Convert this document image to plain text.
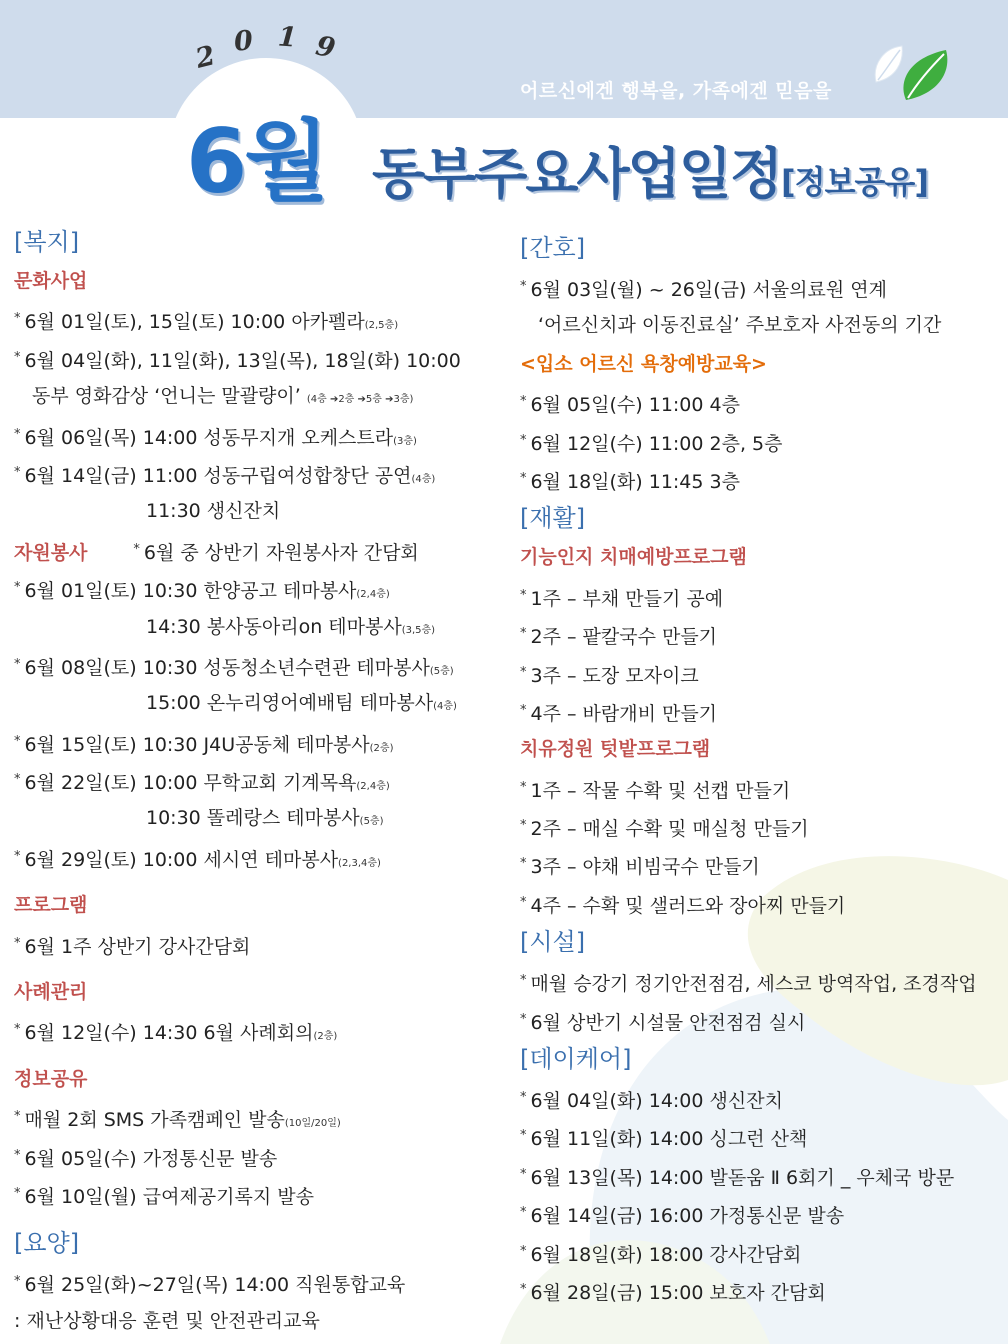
2 0 1 9
어르신에겐 행복을, 가족에겐 믿음을
6월 동부주요사업일정[정보공유]
[복지]
문화사업
* 6월 01일(토), 15일(토) 10:00 아카펠라(2,5층)
* 6월 04일(화), 11일(화), 13일(목), 18일(화) 10:00
동부 영화감상 ‘언니는 말괄량이’ (4층 ➔2층 ➔5층 ➔3층)
* 6월 06일(목) 14:00 성동무지개 오케스트라(3층)
* 6월 14일(금) 11:00 성동구립여성합창단 공연(4층)
11:30 생신잔치
자원봉사	* 6월 중 상반기 자원봉사자 간담회
* 6월 01일(토) 10:30 한양공고 테마봉사(2,4층)
14:30 봉사동아리on 테마봉사(3,5층)
* 6월 08일(토) 10:30 성동청소년수련관 테마봉사(5층)
15:00 온누리영어예배팀 테마봉사(4층)
* 6월 15일(토) 10:30 J4U공동체 테마봉사(2층)
* 6월 22일(토) 10:00 무학교회 기계목욕(2,4층)
10:30 똘레랑스 테마봉사(5층)
* 6월 29일(토) 10:00 세시연 테마봉사(2,3,4층)
프로그램
* 6월 1주 상반기 강사간담회
사례관리
* 6월 12일(수) 14:30 6월 사례회의(2층)
정보공유
* 매월 2회 SMS 가족캠페인 발송(10일/20일)
* 6월 05일(수) 가정통신문 발송
* 6월 10일(월) 급여제공기록지 발송
[요양]
* 6월 25일(화)~27일(목) 14:00 직원통합교육
: 재난상황대응 훈련 및 안전관리교육
[간호]
* 6월 03일(월) ~ 26일(금) 서울의료원 연계
‘어르신치과 이동진료실’ 주보호자 사전동의 기간
<입소 어르신 욕창예방교육>
* 6월 05일(수) 11:00 4층
* 6월 12일(수) 11:00 2층, 5층
* 6월 18일(화) 11:45 3층
[재활]
기능인지 치매예방프로그램
* 1주 – 부채 만들기 공예
* 2주 – 팥칼국수 만들기
* 3주 – 도장 모자이크
* 4주 – 바람개비 만들기
치유정원 텃밭프로그램
* 1주 – 작물 수확 및 선캡 만들기
* 2주 – 매실 수확 및 매실청 만들기
* 3주 – 야채 비빔국수 만들기
* 4주 – 수확 및 샐러드와 장아찌 만들기
[시설]
* 매월 승강기 정기안전점검, 세스코 방역작업, 조경작업
* 6월 상반기 시설물 안전점검 실시
[데이케어]
* 6월 04일(화) 14:00 생신잔치
* 6월 11일(화) 14:00 싱그런 산책
* 6월 13일(목) 14:00 발돋움 Ⅱ 6회기 _ 우체국 방문
* 6월 14일(금) 16:00 가정통신문 발송
* 6월 18일(화) 18:00 강사간담회
* 6월 28일(금) 15:00 보호자 간담회
